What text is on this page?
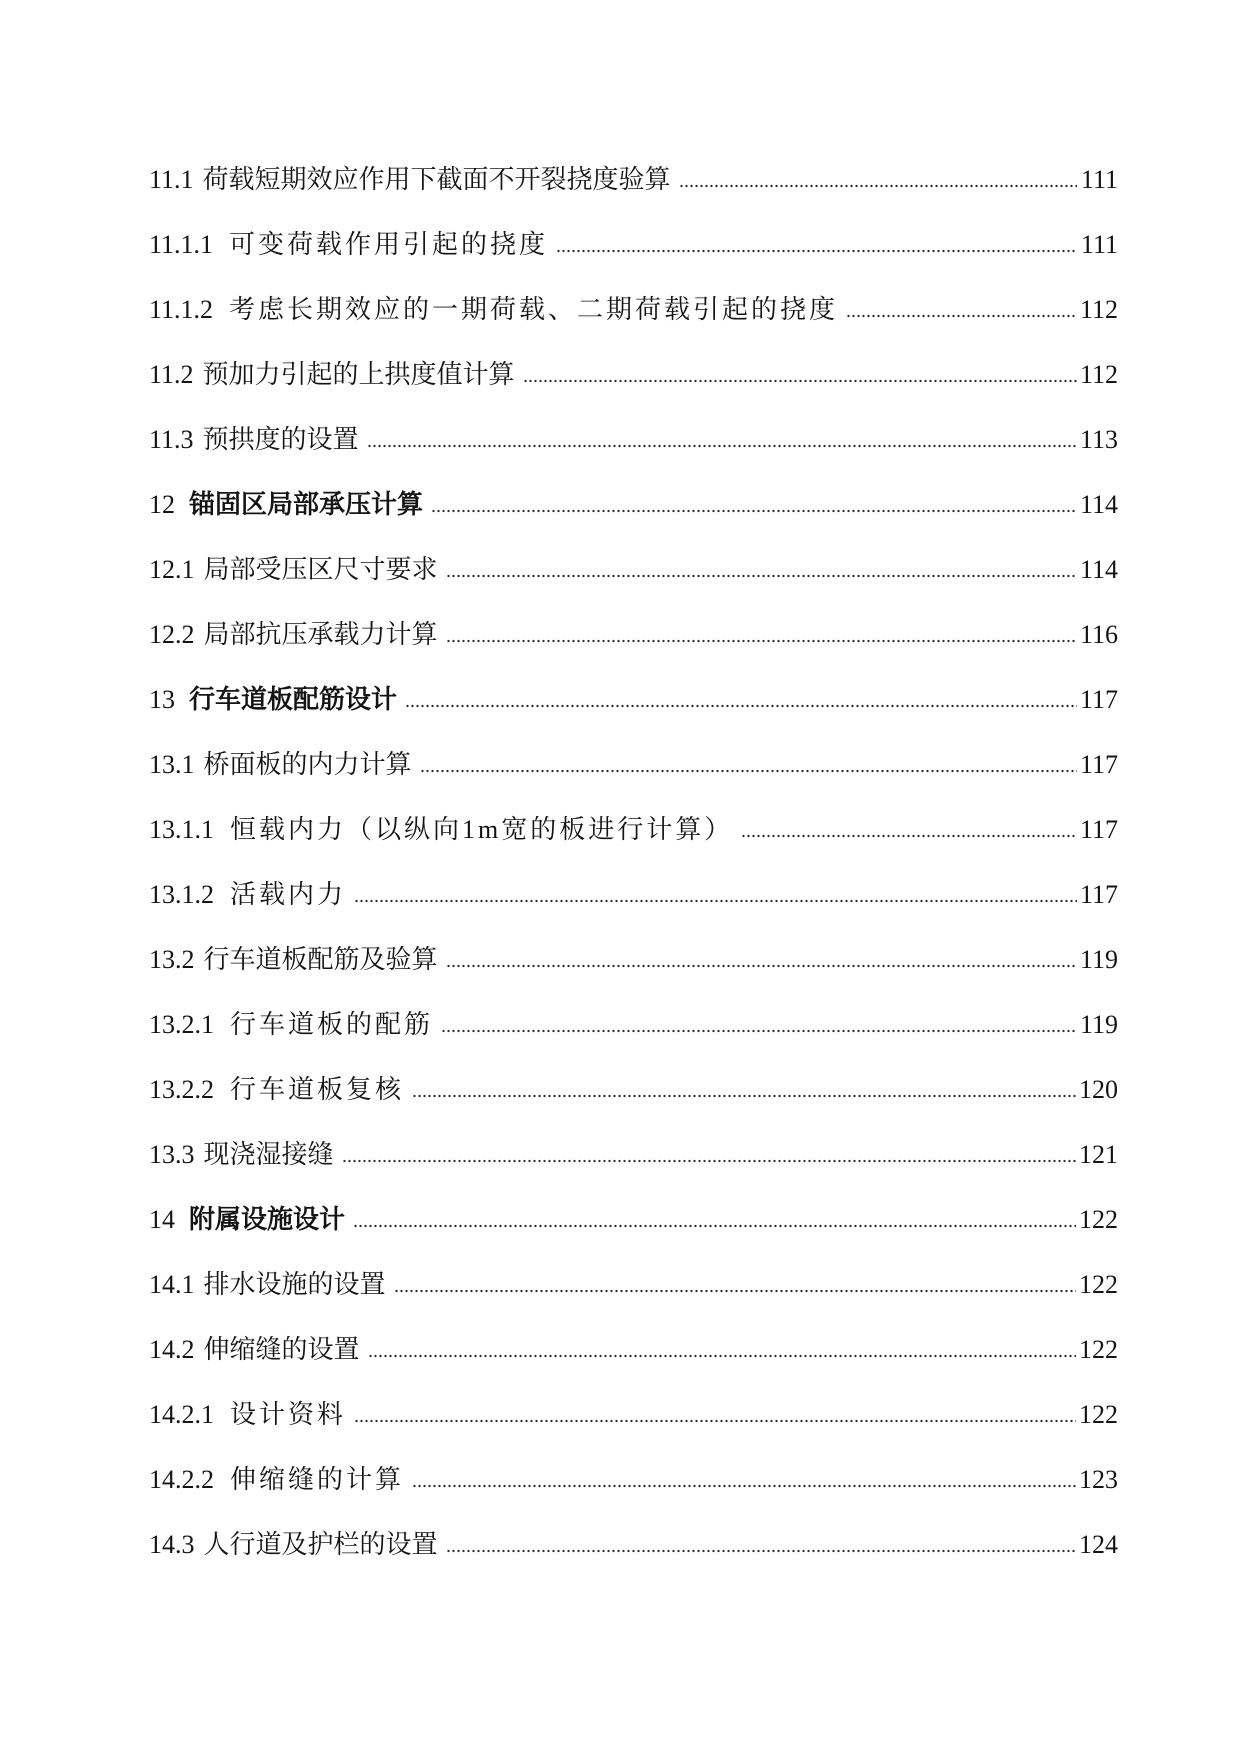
11.1 荷载短期效应作用下截面不开裂挠度验算	111
11.1.1 可变荷载作用引起的挠度	111
11.1.2 考虑长期效应的一期荷载、二期荷载引起的挠度	112
11.2 预加力引起的上拱度值计算	112
11.3 预拱度的设置	113
12 锚固区局部承压计算	114
12.1 局部受压区尺寸要求	114
12.2 局部抗压承载力计算	116
13 行车道板配筋设计	117
13.1 桥面板的内力计算	117
13.1.1 恒载内力（以纵向1m宽的板进行计算）	117
13.1.2 活载内力	117
13.2 行车道板配筋及验算	119
13.2.1 行车道板的配筋	119
13.2.2 行车道板复核	120
13.3 现浇湿接缝	121
14 附属设施设计	122
14.1 排水设施的设置	122
14.2 伸缩缝的设置	122
14.2.1 设计资料	122
14.2.2 伸缩缝的计算	123
14.3 人行道及护栏的设置	124
